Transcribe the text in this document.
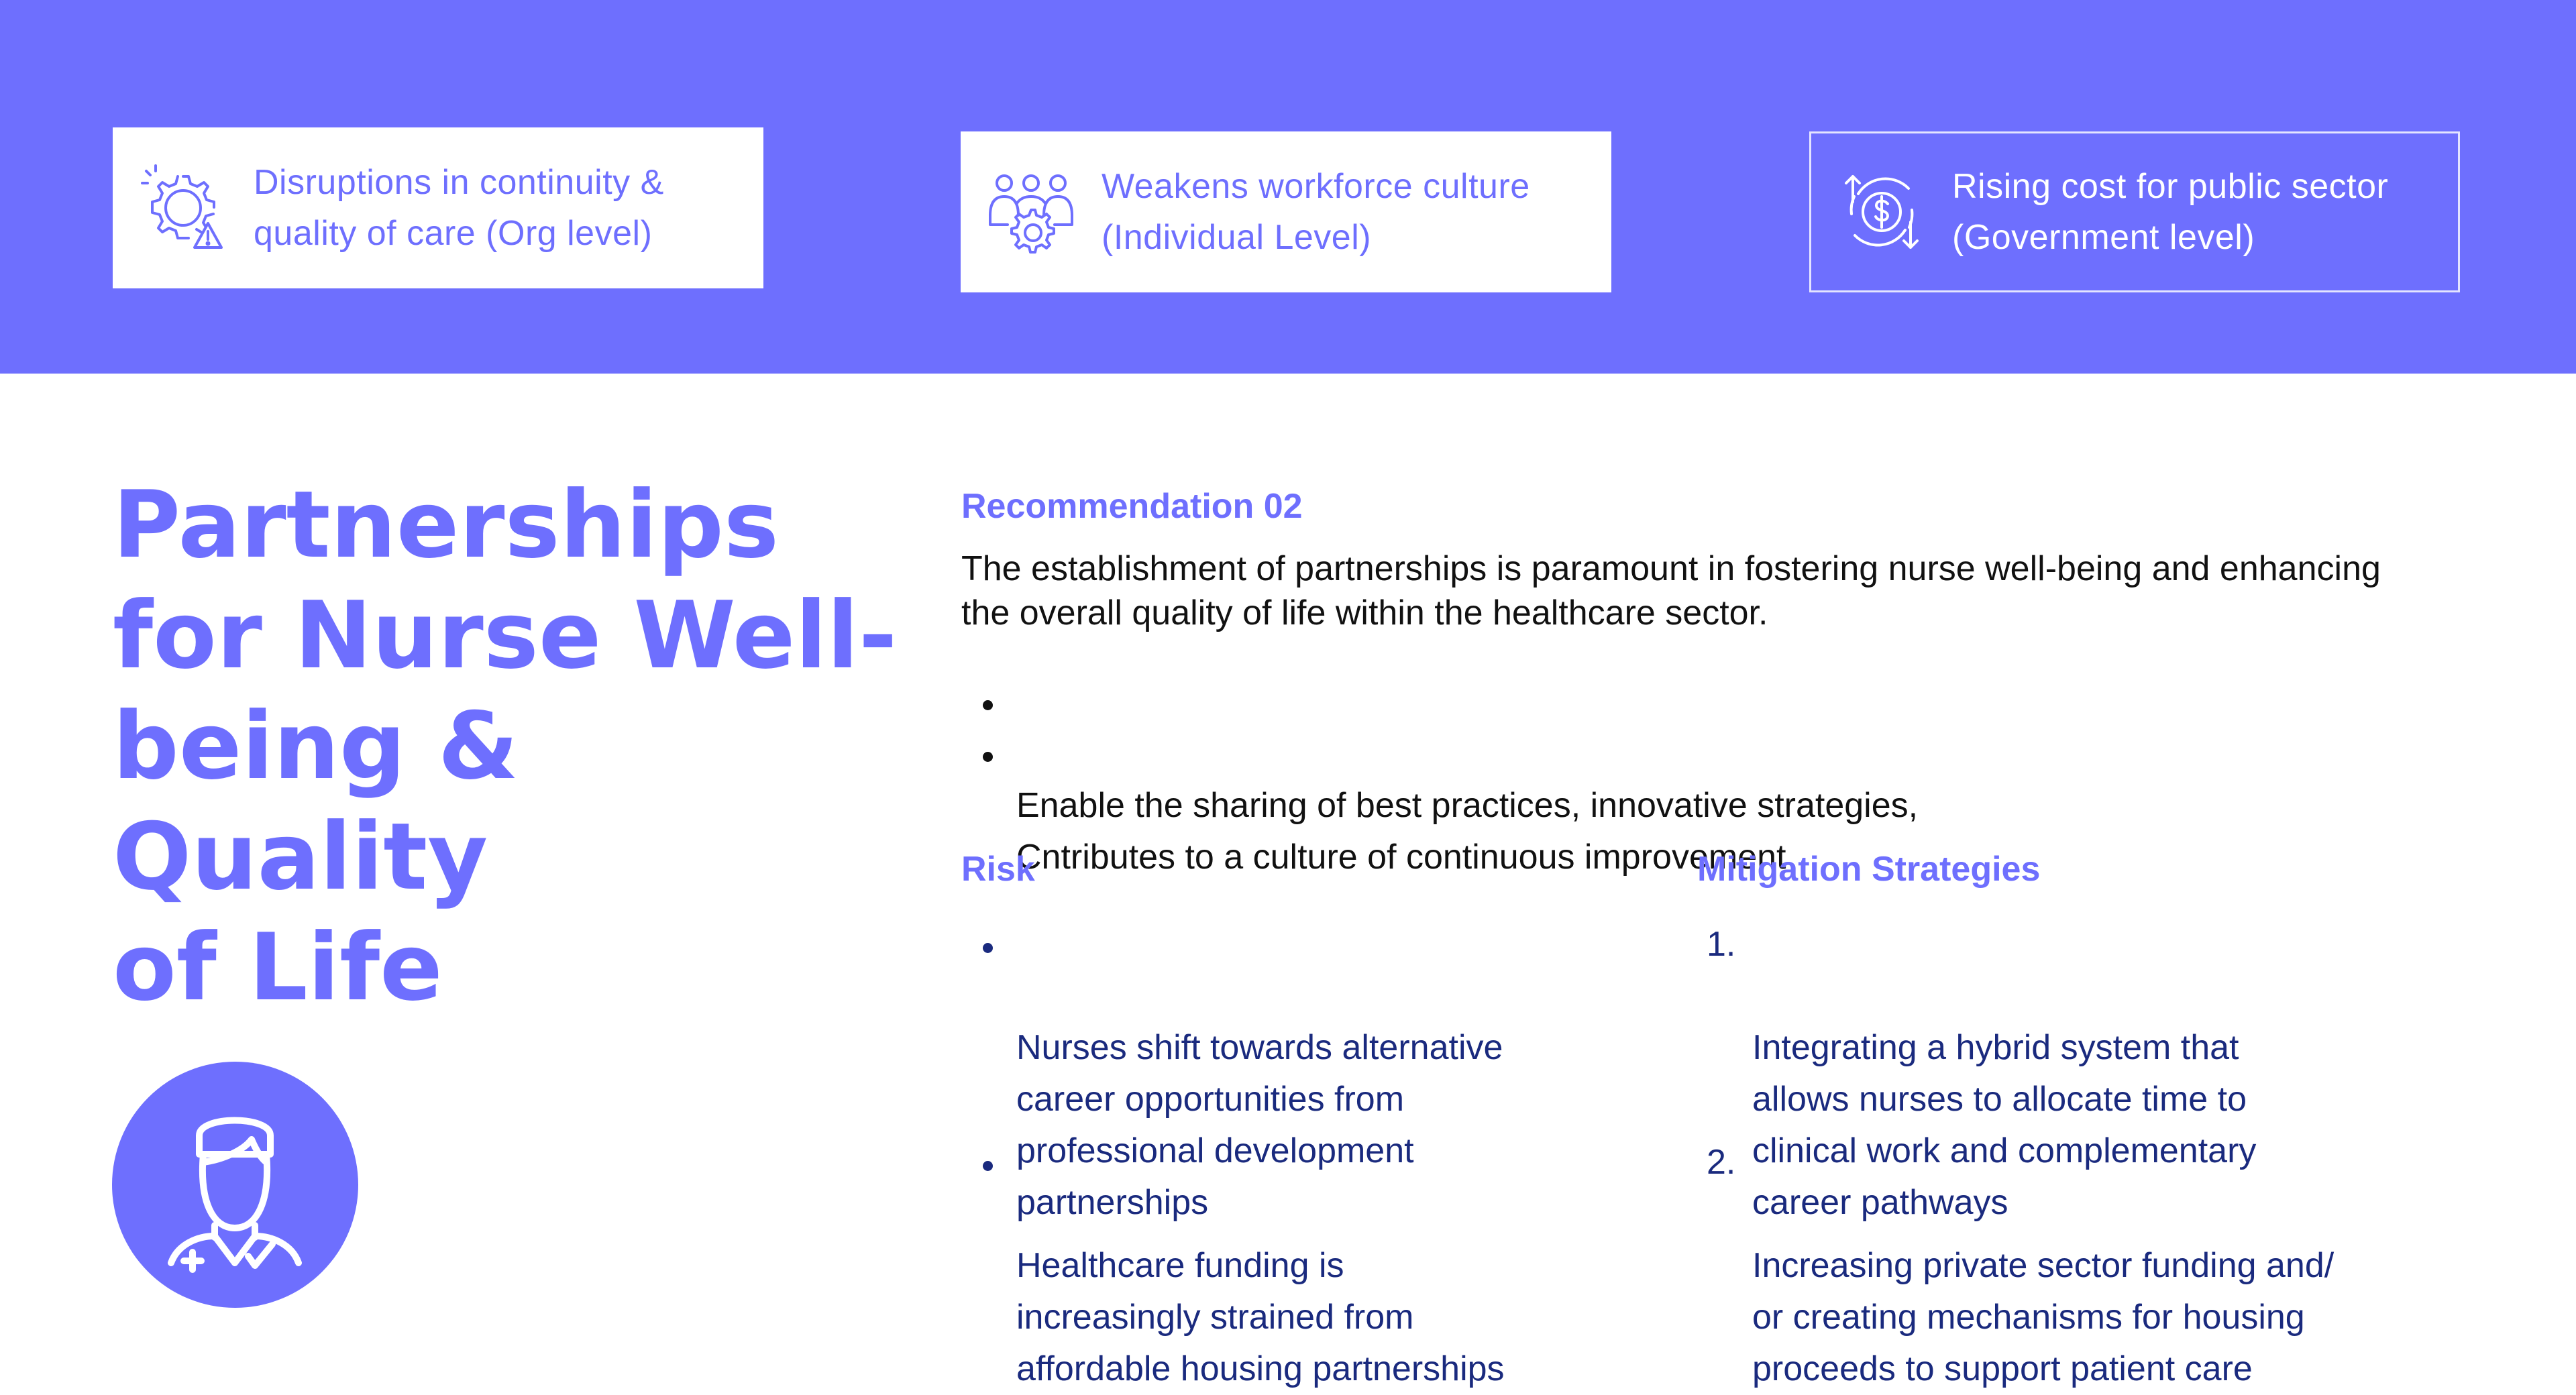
Disruptions in continuity &
quality of care (Org level)
Weakens workforce culture
(Individual Level)
Rising cost for public sector
(Government level)
Partnerships
for Nurse Well-
being & Quality
of Life
Recommendation 02

The establishment of partnerships is paramount in fostering nurse well-being and enhancing the overall quality of life within the healthcare sector.

Enable the sharing of best practices, innovative strategies,

Cntributes to a culture of continuous improvement

Risk	Mitigation Strategies

Nurses shift towards alternative
career opportunities from
professional development
partnerships

Healthcare funding is
increasingly strained from
affordable housing partnerships

1.

Integrating a hybrid system that
allows nurses to allocate time to
clinical work and complementary
career pathways

2.

Increasing private sector funding and/
or creating mechanisms for housing
proceeds to support patient care
